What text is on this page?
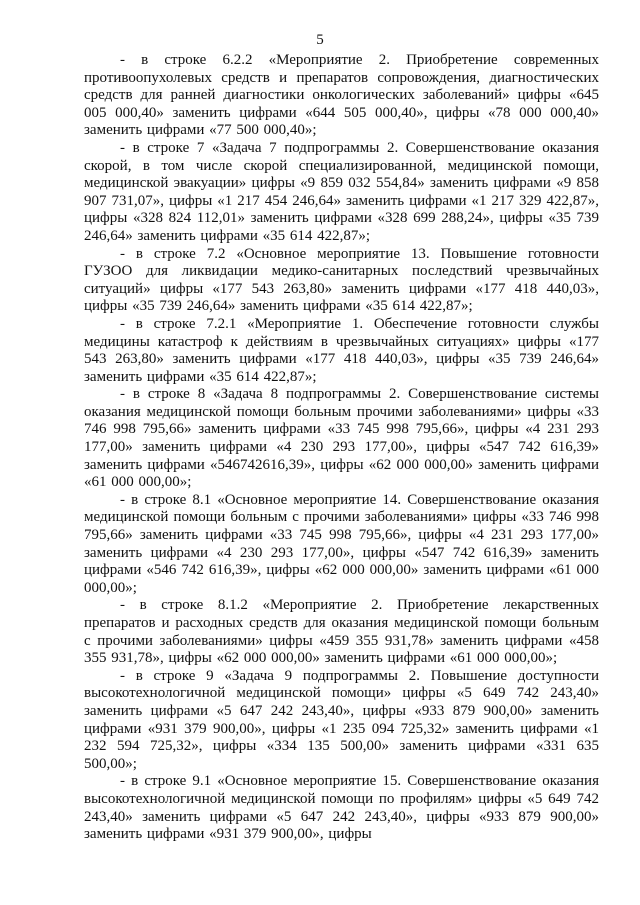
5

- в строке 6.2.2 «Мероприятие 2. Приобретение современных противоопухолевых средств и препаратов сопровождения, диагностических средств для ранней диагностики онкологических заболеваний» цифры «645 005 000,40» заменить цифрами «644 505 000,40», цифры «78 000 000,40» заменить цифрами «77 500 000,40»;

- в строке 7 «Задача 7 подпрограммы 2. Совершенствование оказания скорой, в том числе скорой специализированной, медицинской помощи, медицинской эвакуации» цифры «9 859 032 554,84» заменить цифрами «9 858 907 731,07», цифры «1 217 454 246,64» заменить цифрами «1 217 329 422,87», цифры «328 824 112,01» заменить цифрами «328 699 288,24», цифры «35 739 246,64» заменить цифрами «35 614 422,87»;

- в строке 7.2 «Основное мероприятие 13. Повышение готовности ГУЗОО для ликвидации медико-санитарных последствий чрезвычайных ситуаций» цифры «177 543 263,80» заменить цифрами «177 418 440,03», цифры «35 739 246,64» заменить цифрами «35 614 422,87»;

- в строке 7.2.1 «Мероприятие 1. Обеспечение готовности службы медицины катастроф к действиям в чрезвычайных ситуациях» цифры «177 543 263,80» заменить цифрами «177 418 440,03», цифры «35 739 246,64» заменить цифрами «35 614 422,87»;

- в строке 8 «Задача 8 подпрограммы 2. Совершенствование системы оказания медицинской помощи больным прочими заболеваниями» цифры «33 746 998 795,66» заменить цифрами «33 745 998 795,66», цифры «4 231 293 177,00» заменить цифрами «4 230 293 177,00», цифры «547 742 616,39» заменить цифрами «546742616,39», цифры «62 000 000,00» заменить цифрами «61 000 000,00»;

- в строке 8.1 «Основное мероприятие 14. Совершенствование оказания медицинской помощи больным с прочими заболеваниями» цифры «33 746 998 795,66» заменить цифрами «33 745 998 795,66», цифры «4 231 293 177,00» заменить цифрами «4 230 293 177,00», цифры «547 742 616,39» заменить цифрами «546 742 616,39», цифры «62 000 000,00» заменить цифрами «61 000 000,00»;

- в строке 8.1.2 «Мероприятие 2. Приобретение лекарственных препаратов и расходных средств для оказания медицинской помощи больным с прочими заболеваниями» цифры «459 355 931,78» заменить цифрами «458 355 931,78», цифры «62 000 000,00» заменить цифрами «61 000 000,00»;

- в строке 9 «Задача 9 подпрограммы 2. Повышение доступности высокотехнологичной медицинской помощи» цифры «5 649 742 243,40» заменить цифрами «5 647 242 243,40», цифры «933 879 900,00» заменить цифрами «931 379 900,00», цифры «1 235 094 725,32» заменить цифрами «1 232 594 725,32», цифры «334 135 500,00» заменить цифрами «331 635 500,00»;

- в строке 9.1 «Основное мероприятие 15. Совершенствование оказания высокотехнологичной медицинской помощи по профилям» цифры «5 649 742 243,40» заменить цифрами «5 647 242 243,40», цифры «933 879 900,00» заменить цифрами «931 379 900,00», цифры
